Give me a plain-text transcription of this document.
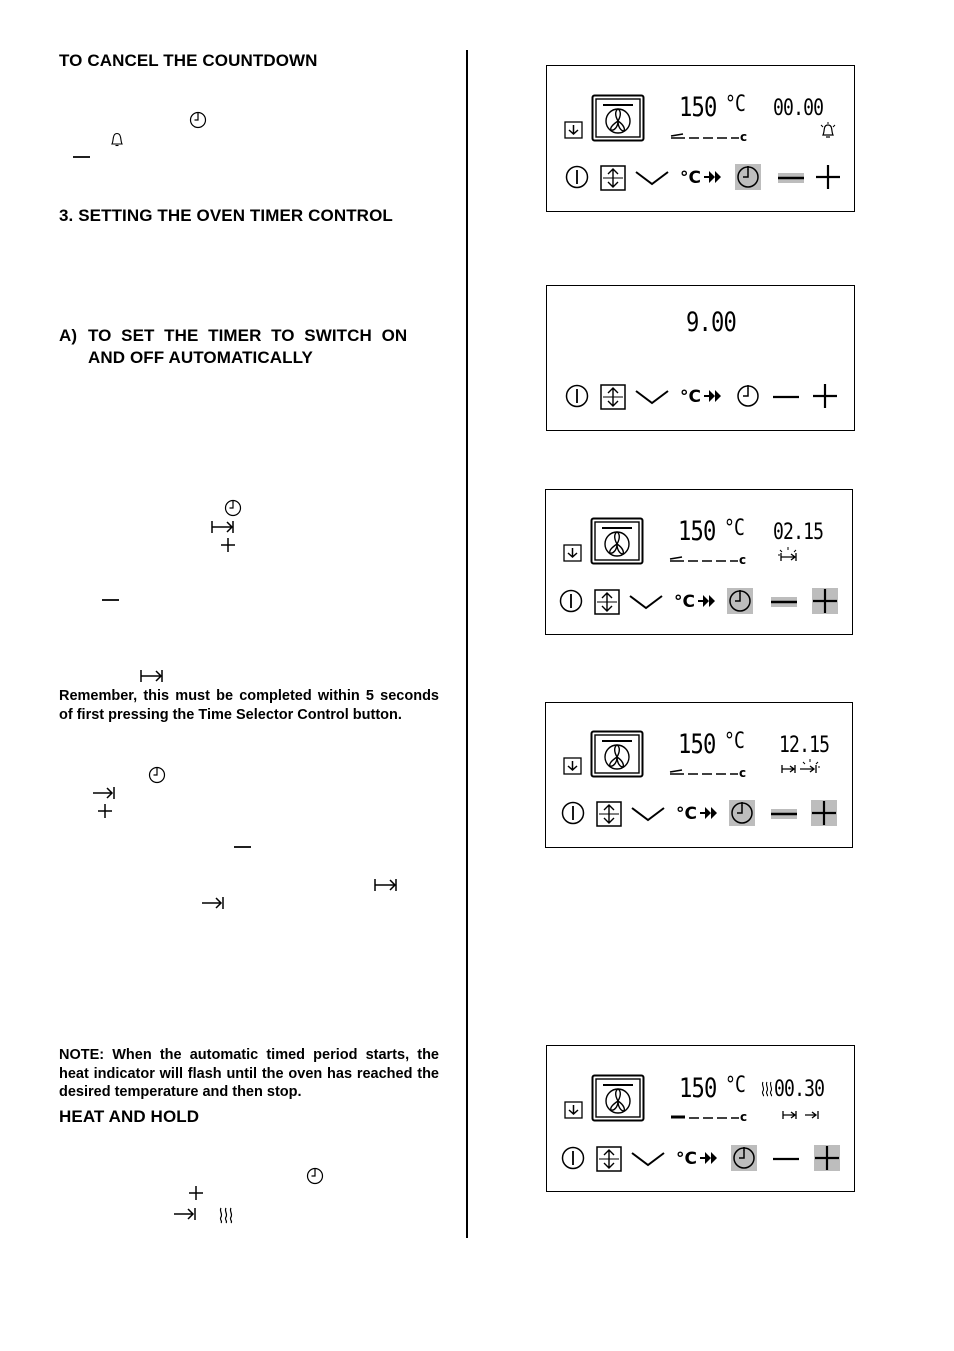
TO CANCEL THE COUNTDOWN
3. SETTING THE OVEN TIMER CONTROL
A) TO  SET  THE  TIMER  TO  SWITCH  ON
AND OFF AUTOMATICALLY
Remember, this must be completed within 5 seconds of first pressing the Time Selector Control button.
NOTE: When the automatic timed period starts, the heat indicator will flash until the oven has reached the desired temperature and then stop.
HEAT AND HOLD
150 °C
c
00.00
°C
9.00
°C
150 °C
c
02.15
°C
150 °C
c
12.15
°C
150 °C
c
00.30
°C
